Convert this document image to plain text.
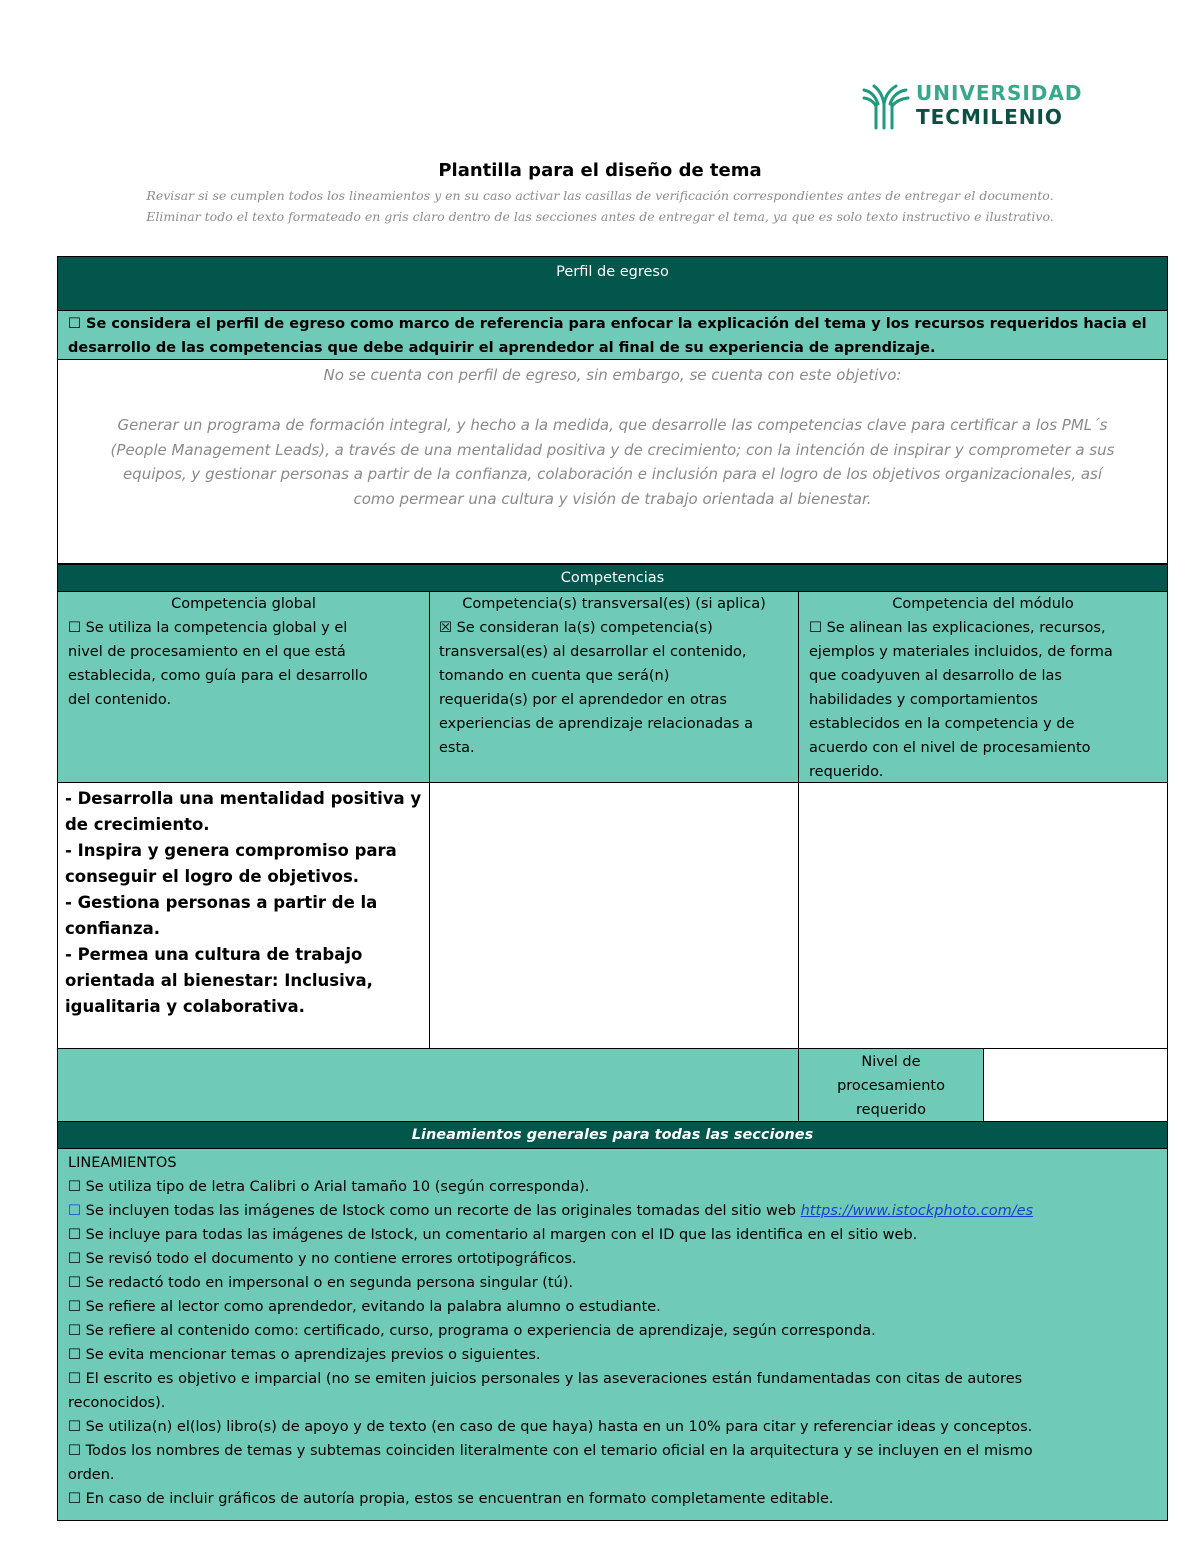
UNIVERSIDAD
TECMILENIO
Plantilla para el diseño de tema
Revisar si se cumplen todos los lineamientos y en su caso activar las casillas de verificación correspondientes antes de entregar el documento.
Eliminar todo el texto formateado en gris claro dentro de las secciones antes de entregar el tema, ya que es solo texto instructivo e ilustrativo.
Perfil de egreso
☐ Se considera el perfil de egreso como marco de referencia para enfocar la explicación del tema y los recursos requeridos hacia el
desarrollo de las competencias que debe adquirir el aprendedor al final de su experiencia de aprendizaje.
No se cuenta con perfil de egreso, sin embargo, se cuenta con este objetivo:
Generar un programa de formación integral, y hecho a la medida, que desarrolle las competencias clave para certificar a los PML´s
(People Management Leads), a través de una mentalidad positiva y de crecimiento; con la intención de inspirar y comprometer a sus
equipos, y gestionar personas a partir de la confianza, colaboración e inclusión para el logro de los objetivos organizacionales, así
como permear una cultura y visión de trabajo orientada al bienestar.
Competencias
Competencia global
☐ Se utiliza la competencia global y el
nivel de procesamiento en el que está
establecida, como guía para el desarrollo
del contenido.
Competencia(s) transversal(es) (si aplica)
☒ Se consideran la(s) competencia(s)
transversal(es) al desarrollar el contenido,
tomando en cuenta que será(n)
requerida(s) por el aprendedor en otras
experiencias de aprendizaje relacionadas a
esta.
Competencia del módulo
☐ Se alinean las explicaciones, recursos,
ejemplos y materiales incluidos, de forma
que coadyuven al desarrollo de las
habilidades y comportamientos
establecidos en la competencia y de
acuerdo con el nivel de procesamiento
requerido.
- Desarrolla una mentalidad positiva y
de crecimiento.
- Inspira y genera compromiso para
conseguir el logro de objetivos.
- Gestiona personas a partir de la
confianza.
- Permea una cultura de trabajo
orientada al bienestar: Inclusiva,
igualitaria y colaborativa.
Nivel de
procesamiento
requerido
Lineamientos generales para todas las secciones
LINEAMIENTOS
☐ Se utiliza tipo de letra Calibri o Arial tamaño 10 (según corresponda).
☐ Se incluyen todas las imágenes de Istock como un recorte de las originales tomadas del sitio web https://www.istockphoto.com/es
☐ Se incluye para todas las imágenes de Istock, un comentario al margen con el ID que las identifica en el sitio web.
☐ Se revisó todo el documento y no contiene errores ortotipográficos.
☐ Se redactó todo en impersonal o en segunda persona singular (tú).
☐ Se refiere al lector como aprendedor, evitando la palabra alumno o estudiante.
☐ Se refiere al contenido como: certificado, curso, programa o experiencia de aprendizaje, según corresponda.
☐ Se evita mencionar temas o aprendizajes previos o siguientes.
☐ El escrito es objetivo e imparcial (no se emiten juicios personales y las aseveraciones están fundamentadas con citas de autores
reconocidos).
☐ Se utiliza(n) el(los) libro(s) de apoyo y de texto (en caso de que haya) hasta en un 10% para citar y referenciar ideas y conceptos.
☐ Todos los nombres de temas y subtemas coinciden literalmente con el temario oficial en la arquitectura y se incluyen en el mismo
orden.
☐ En caso de incluir gráficos de autoría propia, estos se encuentran en formato completamente editable.
